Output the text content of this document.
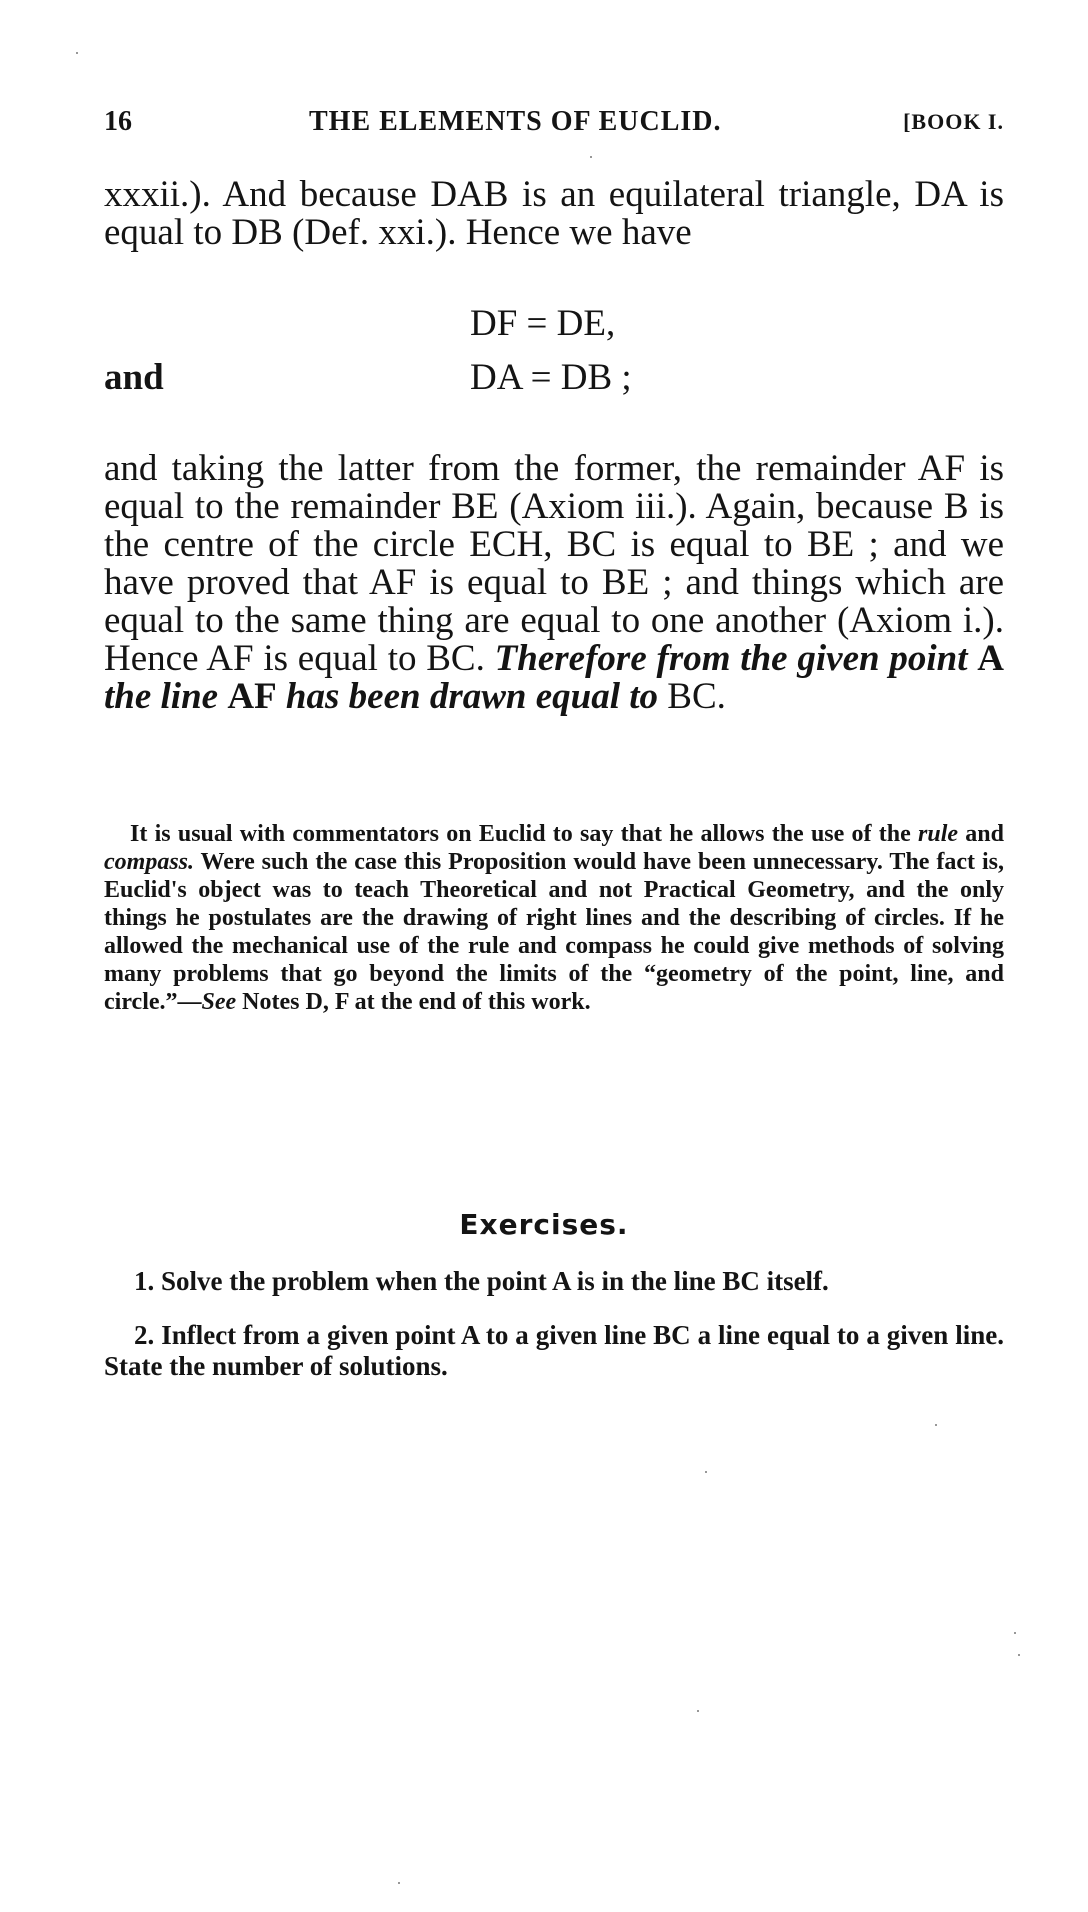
16	THE ELEMENTS OF EUCLID.	[BOOK I.
xxxii.). And because DAB is an equilateral triangle, DA is equal to DB (Def. xxi.). Hence we have
DF = DE,
and	DA = DB ;
and taking the latter from the former, the remainder AF is equal to the remainder BE (Axiom iii.). Again, because B is the centre of the circle ECH, BC is equal to BE ; and we have proved that AF is equal to BE ; and things which are equal to the same thing are equal to one another (Axiom i.). Hence AF is equal to BC. Therefore from the given point A the line AF has been drawn equal to BC.
It is usual with commentators on Euclid to say that he allows the use of the rule and compass. Were such the case this Proposition would have been unnecessary. The fact is, Euclid's object was to teach Theoretical and not Practical Geometry, and the only things he postulates are the drawing of right lines and the describing of circles. If he allowed the mechanical use of the rule and compass he could give methods of solving many problems that go beyond the limits of the “geometry of the point, line, and circle.”—See Notes D, F at the end of this work.
Exercises.
1. Solve the problem when the point A is in the line BC itself.
2. Inflect from a given point A to a given line BC a line equal to a given line. State the number of solutions.
